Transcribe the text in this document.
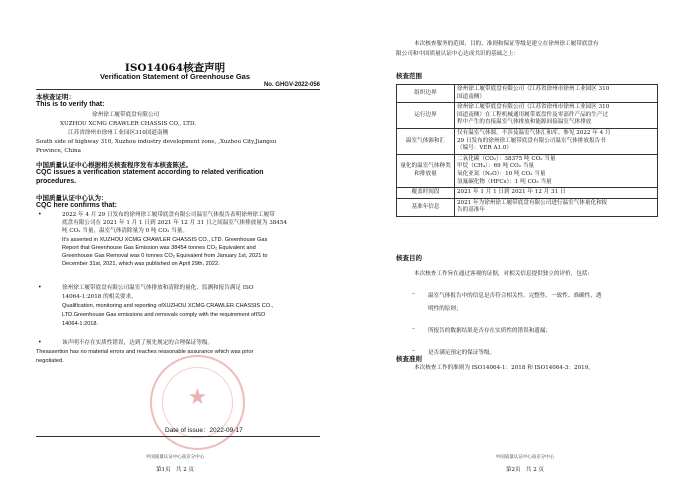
ISO14064核查声明
Verification Statement of Greenhouse Gas
No. GHGV-2022-056
本核查证明：
This is to verify that:
徐州徐工履带底盘有限公司
XUZHOU XCMG CRAWLER CHASSIS CO., LTD.
江苏省徐州市徐州工业园区310国道南侧
South side of highway 310, Xuzhou industry development zone, ,Xuzhou City,Jiangsu
Province, China
中国质量认证中心根据相关核查程序发布本核查陈述。
CQC issues a verification statement according to related verification
procedures.
中国质量认证中心认为：
CQC here confirms that:
•	2022 年 4 月 29 日发布的徐州徐工履带底盘有限公司温室气体报告表明徐州徐工履带
底盘有限公司在 2021 年 1 月 1 日到 2021 年 12 月 31 日之间温室气体排放量为 38454
吨 CO₂ 当量，温室气体清除量为 0 吨 CO₂ 当量。
It's asserted in XUZHOU XCMG CRAWLER CHASSIS CO., LTD. Greenhouse Gas
Report that Greenhouse Gas Emission was 38454 tonnes CO₂ Equivalent and
Greenhouse Gas Removal was 0 tonnes CO₂ Equivalent from January 1st, 2021 to
December 31st, 2021, which was published on April 29th, 2022.
•	徐州徐工履带底盘有限公司温室气体排放和清除的量化、监测和报告满足 ISO
14064-1:2018 的相关要求。
Qualification, monitoring and reporting ofXUZHOU XCMG CRAWLER CHASSIS CO.,
LTD.Greenhouse Gas emissions and removals comply with the requirement ofISO
14064-1:2018.
•	该声明不存在实质性错误，达到了预先规定的合理保证等级。
Theassertion has no material errors and reaches reasonable assurance which was prior
negotiated.
★
Date of issue：2022-09-17
中国质量认证中心南京分中心
第1页　共 2 页
本次核查服务的范围、目的、准则和保证等级是建立在徐州徐工履带底盘有
限公司和中国质量认证中心达成共识的基础之上：
核查范围
组织边界	徐州徐工履带底盘有限公司（江苏省徐州市徐州工业园区 310
国道南侧）

运行边界	徐州徐工履带底盘有限公司（江苏省徐州市徐州工业园区 310
国道南侧）在工程机械通用履带底盘件及零部件产品的生产过
程中产生的直接温室气体排放和能源间接温室气体排放

温室气体源和汇	仅有温室气体源，不涉及温室气体汇和库。参见 2022 年 4 月
29 日发布的徐州徐工履带底盘有限公司温室气体排放报告书
（编号：VER A1.0）

量化的温室气体种类和排放量	二氧化碳（CO₂）：38375 吨 CO₂ 当量
甲烷（CH₄）：69 吨 CO₂ 当量
氧化亚氮（N₂O）：10 吨 CO₂ 当量
氢氟碳化物（HFCs）：1 吨 CO₂ 当量

覆盖时间段	2021 年 1 月 1 日到 2021 年 12 月 31 日

基准年信息	2021 年为徐州徐工履带底盘有限公司进行温室气体量化和报
告的基准年
核查目的
本次核查工作旨在通过客观的证据，对相关信息提供独立的评价，包括：
–	温室气体报告中的信息是否符合相关性、完整性、一致性、准确性、透
明性的原则；
–	所报告的数据结果是否存在实质性的错误和遗漏；
–	是否满足预定的保证等级。
核查准则
本次核查工作的准则为 ISO14064-1：2018 和 ISO14064-3：2019。
中国质量认证中心南京分中心
第2页　共 2 页
